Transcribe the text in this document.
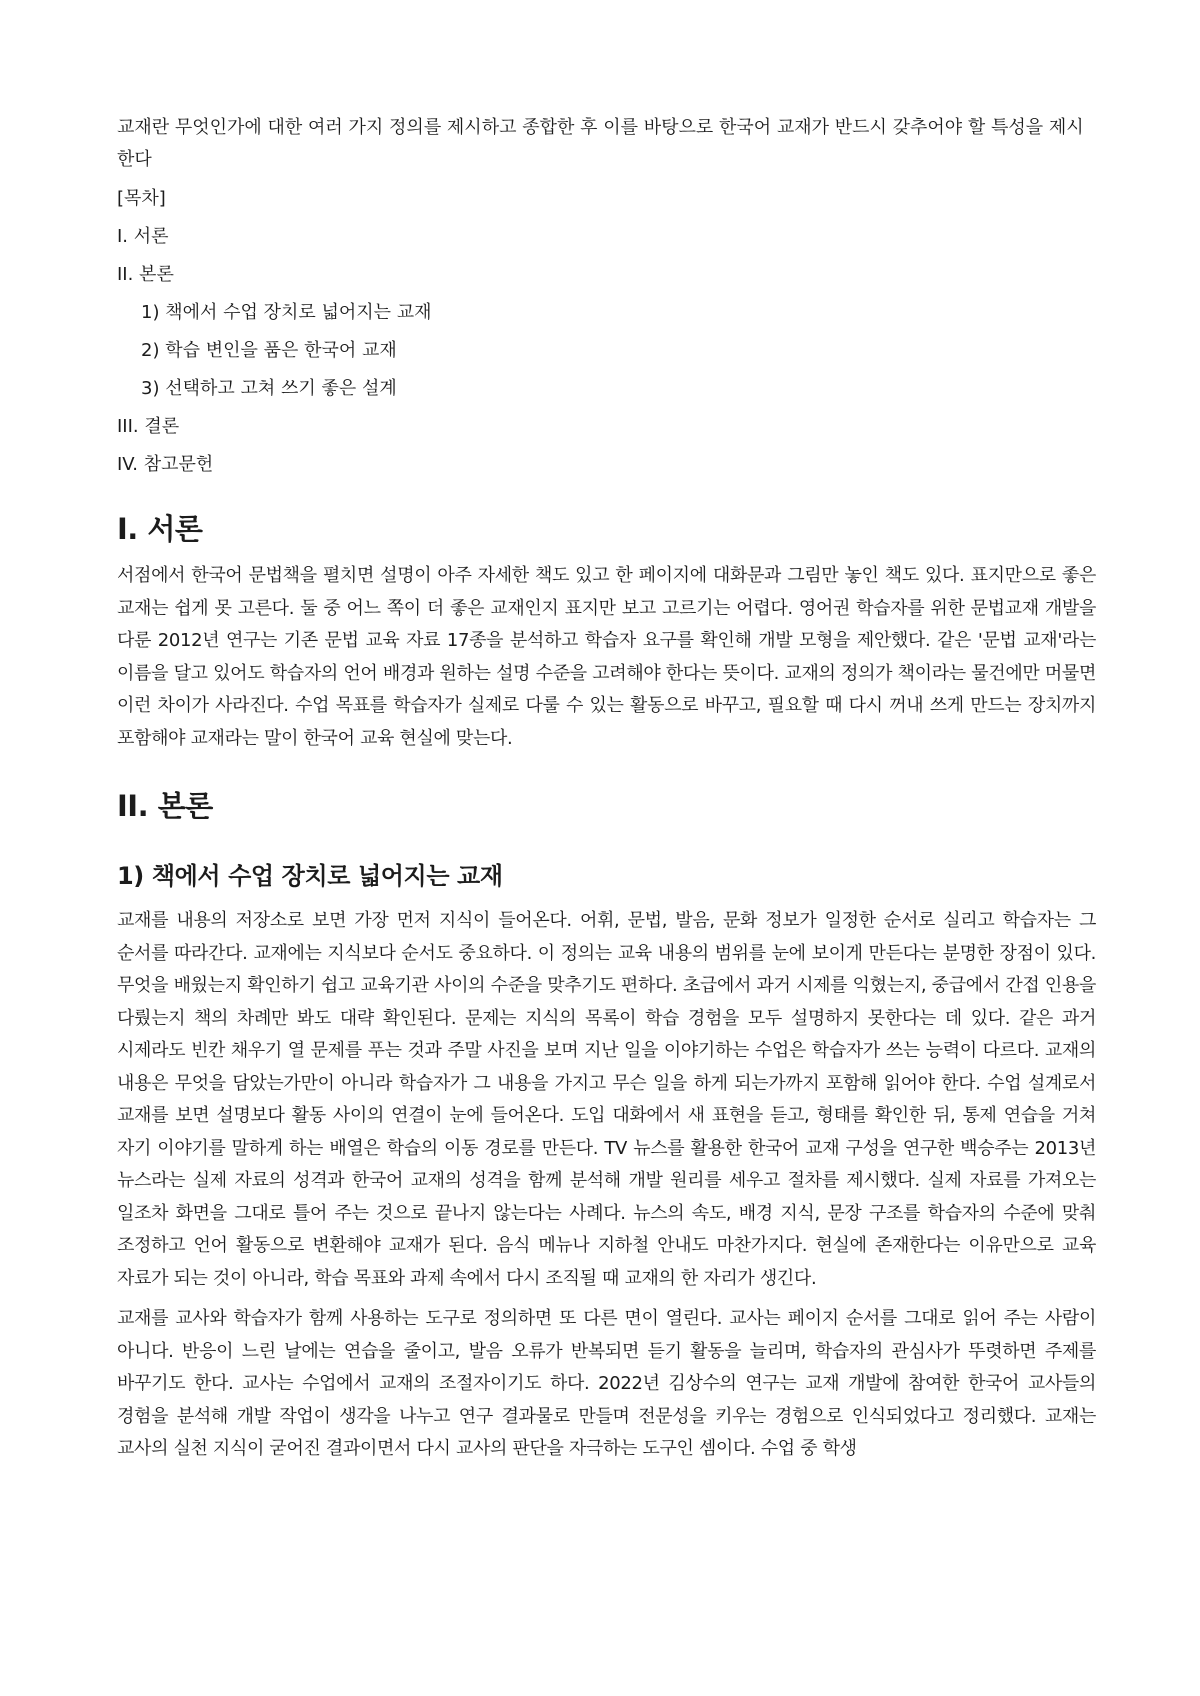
교재란 무엇인가에 대한 여러 가지 정의를 제시하고 종합한 후 이를 바탕으로 한국어 교재가 반드시 갖추어야 할 특성을 제시한다

[목차]
I. 서론
II. 본론
1) 책에서 수업 장치로 넓어지는 교재
2) 학습 변인을 품은 한국어 교재
3) 선택하고 고쳐 쓰기 좋은 설계
III. 결론
IV. 참고문헌
I. 서론

서점에서 한국어 문법책을 펼치면 설명이 아주 자세한 책도 있고 한 페이지에 대화문과 그림만 놓인 책도 있다. 표지만으로 좋은 교재는 쉽게 못 고른다. 둘 중 어느 쪽이 더 좋은 교재인지 표지만 보고 고르기는 어렵다. 영어권 학습자를 위한 문법교재 개발을 다룬 2012년 연구는 기존 문법 교육 자료 17종을 분석하고 학습자 요구를 확인해 개발 모형을 제안했다. 같은 '문법 교재'라는 이름을 달고 있어도 학습자의 언어 배경과 원하는 설명 수준을 고려해야 한다는 뜻이다. 교재의 정의가 책이라는 물건에만 머물면 이런 차이가 사라진다. 수업 목표를 학습자가 실제로 다룰 수 있는 활동으로 바꾸고, 필요할 때 다시 꺼내 쓰게 만드는 장치까지 포함해야 교재라는 말이 한국어 교육 현실에 맞는다.

II. 본론
1) 책에서 수업 장치로 넓어지는 교재

교재를 내용의 저장소로 보면 가장 먼저 지식이 들어온다. 어휘, 문법, 발음, 문화 정보가 일정한 순서로 실리고 학습자는 그 순서를 따라간다. 교재에는 지식보다 순서도 중요하다. 이 정의는 교육 내용의 범위를 눈에 보이게 만든다는 분명한 장점이 있다. 무엇을 배웠는지 확인하기 쉽고 교육기관 사이의 수준을 맞추기도 편하다. 초급에서 과거 시제를 익혔는지, 중급에서 간접 인용을 다뤘는지 책의 차례만 봐도 대략 확인된다. 문제는 지식의 목록이 학습 경험을 모두 설명하지 못한다는 데 있다. 같은 과거 시제라도 빈칸 채우기 열 문제를 푸는 것과 주말 사진을 보며 지난 일을 이야기하는 수업은 학습자가 쓰는 능력이 다르다. 교재의 내용은 무엇을 담았는가만이 아니라 학습자가 그 내용을 가지고 무슨 일을 하게 되는가까지 포함해 읽어야 한다. 수업 설계로서 교재를 보면 설명보다 활동 사이의 연결이 눈에 들어온다. 도입 대화에서 새 표현을 듣고, 형태를 확인한 뒤, 통제 연습을 거쳐 자기 이야기를 말하게 하는 배열은 학습의 이동 경로를 만든다. TV 뉴스를 활용한 한국어 교재 구성을 연구한 백승주는 2013년 뉴스라는 실제 자료의 성격과 한국어 교재의 성격을 함께 분석해 개발 원리를 세우고 절차를 제시했다. 실제 자료를 가져오는 일조차 화면을 그대로 틀어 주는 것으로 끝나지 않는다는 사례다. 뉴스의 속도, 배경 지식, 문장 구조를 학습자의 수준에 맞춰 조정하고 언어 활동으로 변환해야 교재가 된다. 음식 메뉴나 지하철 안내도 마찬가지다. 현실에 존재한다는 이유만으로 교육 자료가 되는 것이 아니라, 학습 목표와 과제 속에서 다시 조직될 때 교재의 한 자리가 생긴다.

교재를 교사와 학습자가 함께 사용하는 도구로 정의하면 또 다른 면이 열린다. 교사는 페이지 순서를 그대로 읽어 주는 사람이 아니다. 반응이 느린 날에는 연습을 줄이고, 발음 오류가 반복되면 듣기 활동을 늘리며, 학습자의 관심사가 뚜렷하면 주제를 바꾸기도 한다. 교사는 수업에서 교재의 조절자이기도 하다. 2022년 김상수의 연구는 교재 개발에 참여한 한국어 교사들의 경험을 분석해 개발 작업이 생각을 나누고 연구 결과물로 만들며 전문성을 키우는 경험으로 인식되었다고 정리했다. 교재는 교사의 실천 지식이 굳어진 결과이면서 다시 교사의 판단을 자극하는 도구인 셈이다. 수업 중 학생
